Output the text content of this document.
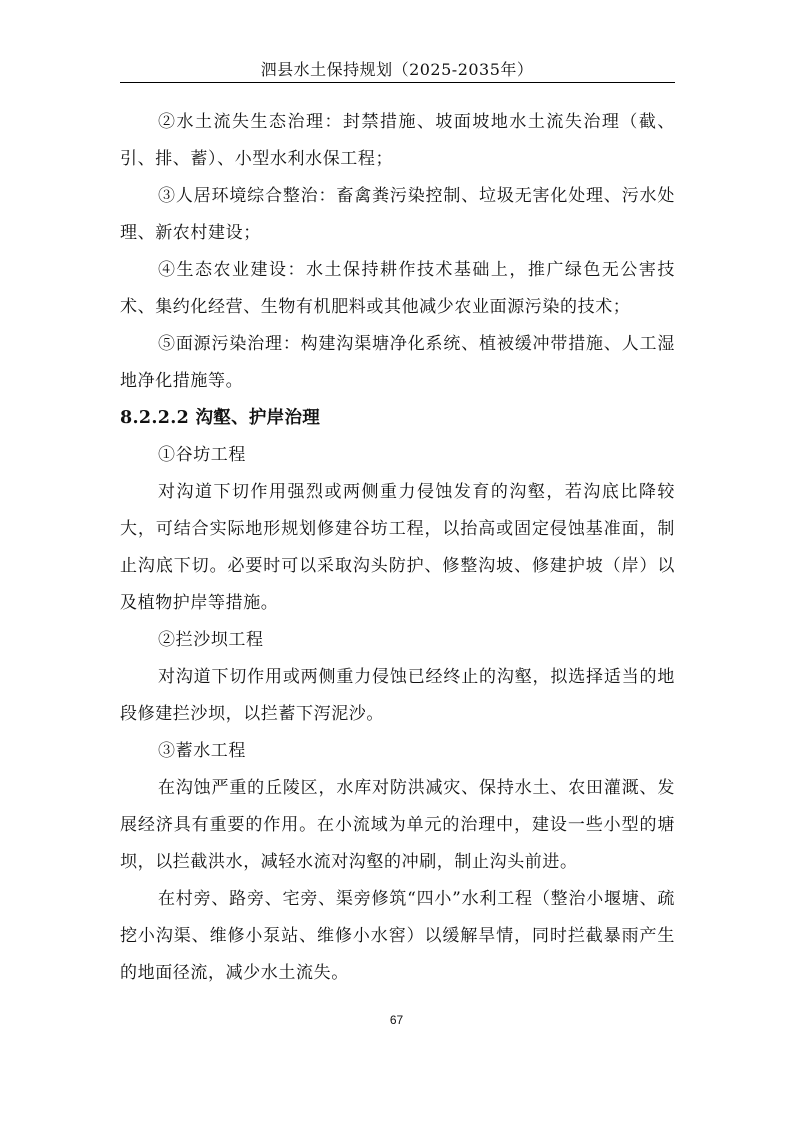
泗县水土保持规划（2025-2035年）

②水土流失生态治理：封禁措施、坡面坡地水土流失治理（截、引、排、蓄）、小型水利水保工程；

③人居环境综合整治：畜禽粪污染控制、垃圾无害化处理、污水处理、新农村建设；

④生态农业建设：水土保持耕作技术基础上，推广绿色无公害技术、集约化经营、生物有机肥料或其他减少农业面源污染的技术；

⑤面源污染治理：构建沟渠塘净化系统、植被缓冲带措施、人工湿地净化措施等。

8.2.2.2 沟壑、护岸治理

①谷坊工程

对沟道下切作用强烈或两侧重力侵蚀发育的沟壑，若沟底比降较大，可结合实际地形规划修建谷坊工程，以抬高或固定侵蚀基准面，制止沟底下切。必要时可以采取沟头防护、修整沟坡、修建护坡（岸）以及植物护岸等措施。

②拦沙坝工程

对沟道下切作用或两侧重力侵蚀已经终止的沟壑，拟选择适当的地段修建拦沙坝，以拦蓄下泻泥沙。

③蓄水工程

在沟蚀严重的丘陵区，水库对防洪减灾、保持水土、农田灌溉、发展经济具有重要的作用。在小流域为单元的治理中，建设一些小型的塘坝，以拦截洪水，减轻水流对沟壑的冲刷，制止沟头前进。

在村旁、路旁、宅旁、渠旁修筑“四小”水利工程（整治小堰塘、疏挖小沟渠、维修小泵站、维修小水窖）以缓解旱情，同时拦截暴雨产生的地面径流，减少水土流失。

67
